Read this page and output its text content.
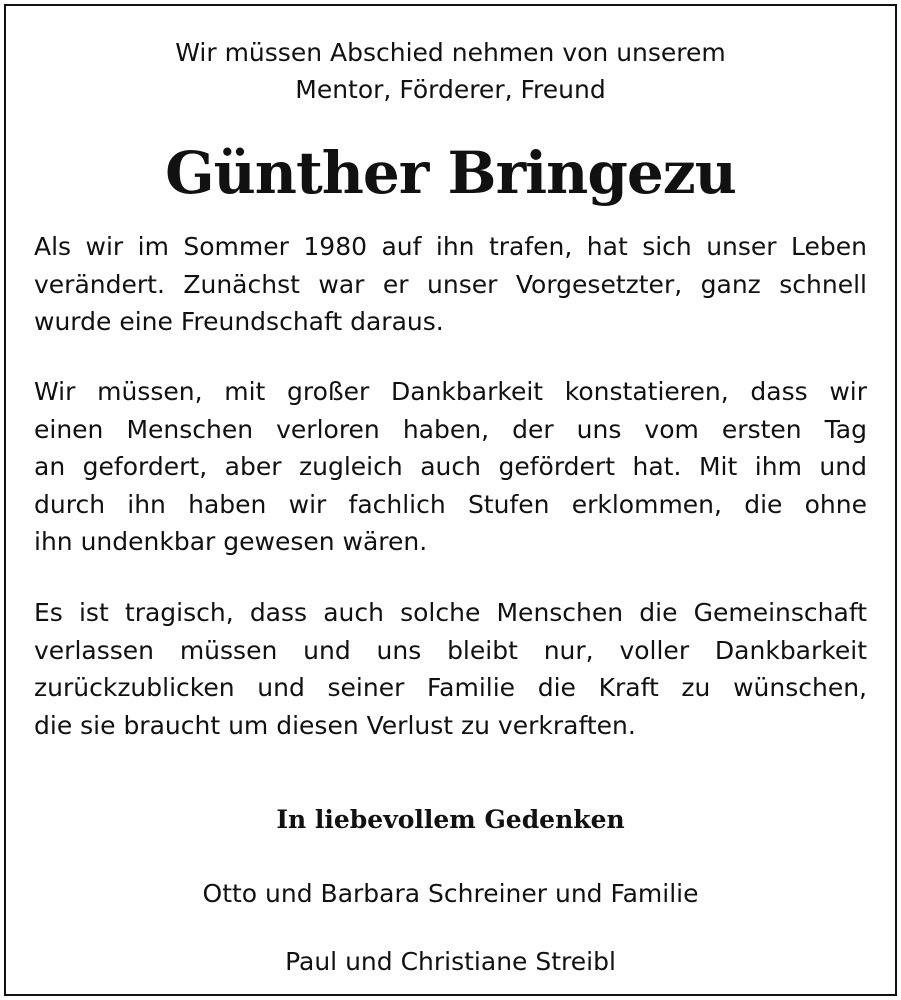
Wir müssen Abschied nehmen von unserem
Mentor, Förderer, Freund

Günther Bringezu

Als wir im Sommer 1980 auf ihn trafen, hat sich unser Leben
verändert. Zunächst war er unser Vorgesetzter, ganz schnell
wurde eine Freundschaft daraus.

Wir müssen, mit großer Dankbarkeit konstatieren, dass wir
einen Menschen verloren haben, der uns vom ersten Tag
an gefordert, aber zugleich auch gefördert hat. Mit ihm und
durch ihn haben wir fachlich Stufen erklommen, die ohne
ihn undenkbar gewesen wären.

Es ist tragisch, dass auch solche Menschen die Gemeinschaft
verlassen müssen und uns bleibt nur, voller Dankbarkeit
zurückzublicken und seiner Familie die Kraft zu wünschen,
die sie braucht um diesen Verlust zu verkraften.

In liebevollem Gedenken

Otto und Barbara Schreiner und Familie

Paul und Christiane Streibl
